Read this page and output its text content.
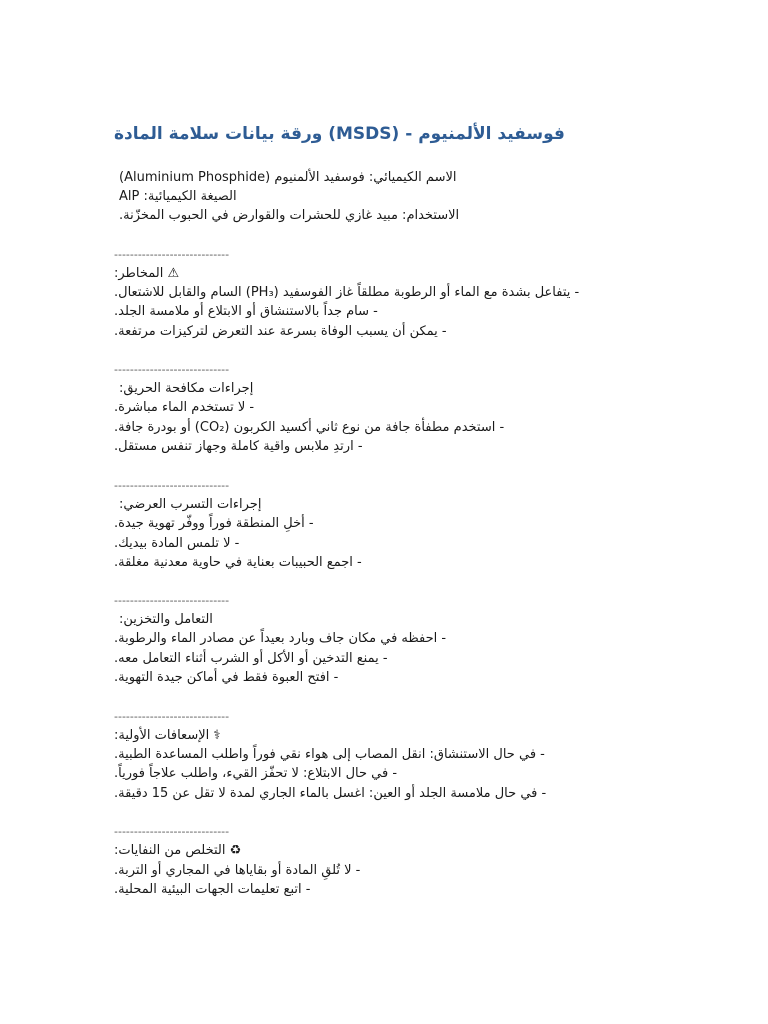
فوسفيد الألمنيوم - (MSDS) ورقة بيانات سلامة المادة
الاسم الكيميائي: فوسفيد الألمنيوم (Aluminium Phosphide)
الصيغة الكيميائية: AlP
الاستخدام: مبيد غازي للحشرات والقوارض في الحبوب المخزّنة.
-----------------------------
⚠ المخاطر:
- يتفاعل بشدة مع الماء أو الرطوبة مطلقاً غاز الفوسفيد (PH₃) السام والقابل للاشتعال.
- سام جداً بالاستنشاق أو الابتلاع أو ملامسة الجلد.
- يمكن أن يسبب الوفاة بسرعة عند التعرض لتركيزات مرتفعة.
-----------------------------
إجراءات مكافحة الحريق:
- لا تستخدم الماء مباشرة.
- استخدم مطفأة جافة من نوع ثاني أكسيد الكربون (CO₂) أو بودرة جافة.
- ارتدِ ملابس واقية كاملة وجهاز تنفس مستقل.
-----------------------------
إجراءات التسرب العرضي:
- أخلِ المنطقة فوراً ووفّر تهوية جيدة.
- لا تلمس المادة بيديك.
- اجمع الحبيبات بعناية في حاوية معدنية مغلقة.
-----------------------------
التعامل والتخزين:
- احفظه في مكان جاف وبارد بعيداً عن مصادر الماء والرطوبة.
- يمنع التدخين أو الأكل أو الشرب أثناء التعامل معه.
- افتح العبوة فقط في أماكن جيدة التهوية.
-----------------------------
⚕ الإسعافات الأولية:
- في حال الاستنشاق: انقل المصاب إلى هواء نقي فوراً واطلب المساعدة الطبية.
- في حال الابتلاع: لا تحفّز القيء، واطلب علاجاً فورياً.
- في حال ملامسة الجلد أو العين: اغسل بالماء الجاري لمدة لا تقل عن 15 دقيقة.
-----------------------------
♻ التخلص من النفايات:
- لا تُلقِ المادة أو بقاياها في المجاري أو التربة.
- اتبع تعليمات الجهات البيئية المحلية.
